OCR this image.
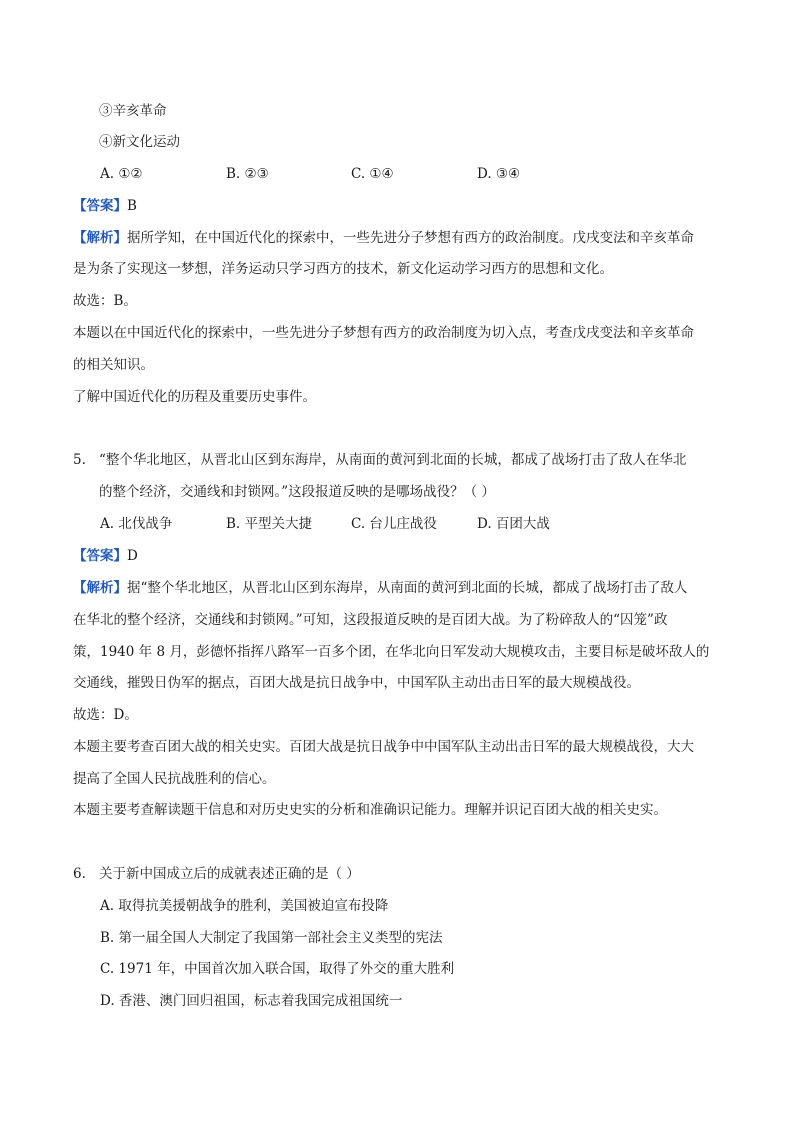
③辛亥革命
④新文化运动
A. ①②	B. ②③	C. ①④	D. ③④
【答案】B
【解析】据所学知，在中国近代化的探索中，一些先进分子梦想有西方的政治制度。戊戌变法和辛亥革命
是为条了实现这一梦想，洋务运动只学习西方的技术，新文化运动学习西方的思想和文化。
故选：B。
本题以在中国近代化的探索中，一些先进分子梦想有西方的政治制度为切入点，考查戊戌变法和辛亥革命
的相关知识。
了解中国近代化的历程及重要历史事件。
5. “整个华北地区，从晋北山区到东海岸，从南面的黄河到北面的长城，都成了战场打击了敌人在华北
的整个经济，交通线和封锁网。”这段报道反映的是哪场战役？（ ）
A. 北伐战争	B. 平型关大捷	C. 台儿庄战役	D. 百团大战
【答案】D
【解析】据“整个华北地区，从晋北山区到东海岸，从南面的黄河到北面的长城，都成了战场打击了敌人
在华北的整个经济，交通线和封锁网。”可知，这段报道反映的是百团大战。为了粉碎敌人的“囚笼”政
策，1940 年 8 月，彭德怀指挥八路军一百多个团，在华北向日军发动大规模攻击，主要目标是破坏敌人的
交通线，摧毁日伪军的据点，百团大战是抗日战争中，中国军队主动出击日军的最大规模战役。
故选：D。
本题主要考查百团大战的相关史实。百团大战是抗日战争中中国军队主动出击日军的最大规模战役，大大
提高了全国人民抗战胜利的信心。
本题主要考查解读题干信息和对历史史实的分析和准确识记能力。理解并识记百团大战的相关史实。
6. 关于新中国成立后的成就表述正确的是（ ）
A. 取得抗美援朝战争的胜利，美国被迫宣布投降
B. 第一届全国人大制定了我国第一部社会主义类型的宪法
C. 1971 年，中国首次加入联合国，取得了外交的重大胜利
D. 香港、澳门回归祖国，标志着我国完成祖国统一
